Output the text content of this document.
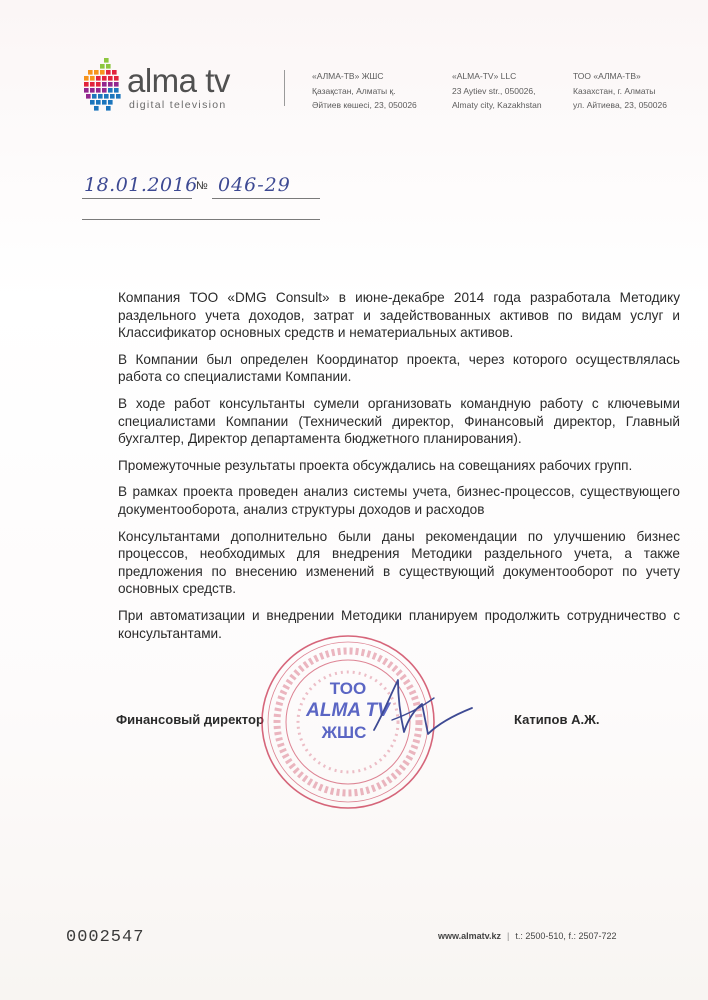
alma tv
digital television
«АЛМА-ТВ» ЖШС
Қазақстан, Алматы қ.
Әйтиев көшесі, 23, 050026
«ALMA-TV» LLC
23 Aytiev str., 050026,
Almaty city, Kazakhstan
ТОО «АЛМА-ТВ»
Казахстан, г. Алматы
ул. Айтиева, 23, 050026
18.01.2016
№ 046-29

Компания ТОО «DMG Consult» в июне-декабре 2014 года разработала Методику раздельного учета доходов, затрат и задействованных активов по видам услуг и Классификатор основных средств и нематериальных активов.

В Компании был определен Координатор проекта, через которого осуществлялась работа со специалистами Компании.

В ходе работ консультанты сумели организовать командную работу с ключевыми специалистами Компании (Технический директор, Финансовый директор, Главный бухгалтер, Директор департамента бюджетного планирования).

Промежуточные результаты проекта обсуждались на совещаниях рабочих групп.

В рамках проекта проведен анализ системы учета, бизнес-процессов, существующего документооборота, анализ структуры доходов и расходов

Консультантами дополнительно были даны рекомендации по улучшению бизнес процессов, необходимых для внедрения Методики раздельного учета, а также предложения по внесению изменений в существующий документооборот по учету основных средств.

При автоматизации и внедрении Методики планируем продолжить сотрудничество с консультантами.

Финансовый директор
ТОО
ALMA TV
ЖШС
Катипов А.Ж.
0002547	www.almatv.kz | t.: 2500-510, f.: 2507-722
